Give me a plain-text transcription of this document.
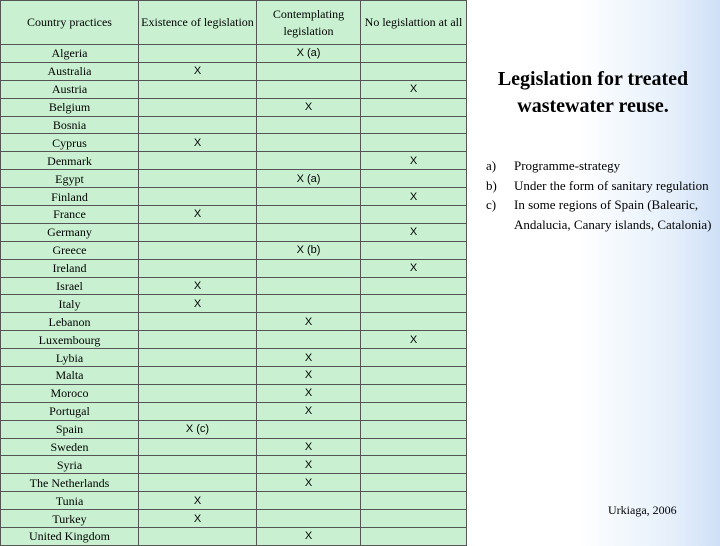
Country practices	Existence of legislation	Contemplating legislation	No legislattion at all
Algeria		X (a)	
Australia	X		
Austria			X
Belgium		X	
Bosnia			
Cyprus	X		
Denmark			X
Egypt		X (a)	
Finland			X
France	X		
Germany			X
Greece		X (b)	
Ireland			X
Israel	X		
Italy	X		
Lebanon		X	
Luxembourg			X
Lybia		X	
Malta		X	
Moroco		X	
Portugal		X	
Spain	X (c)		
Sweden		X	
Syria		X	
The Netherlands		X	
Tunia	X		
Turkey	X		
United Kingdom		X	
Legislation for treated
wastewater reuse.
a)	Programme-strategy
b)	Under the form of sanitary regulation
c)	In some regions of Spain (Balearic, Andalucia, Canary islands, Catalonia)
Urkiaga, 2006
